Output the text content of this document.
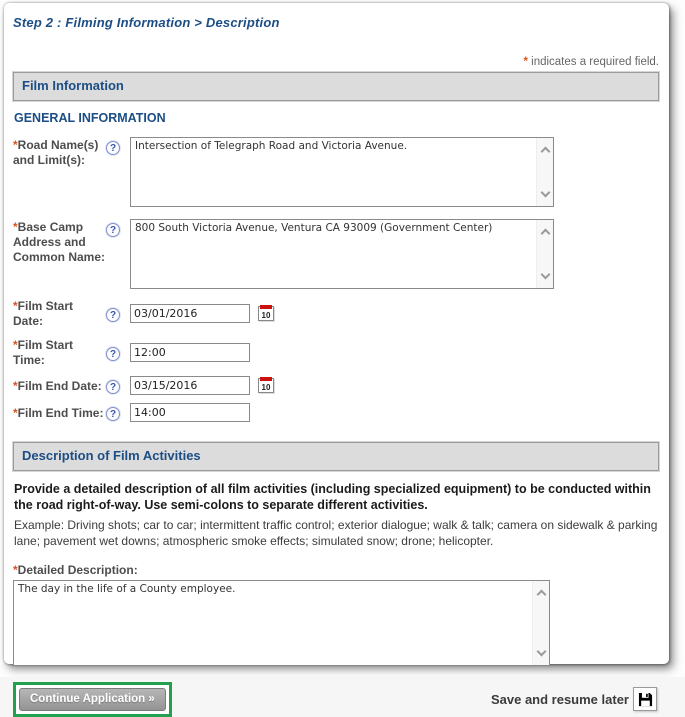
Step 2 : Filming Information > Description
* indicates a required field.
Film Information
GENERAL INFORMATION
*Road Name(s) and Limit(s):
?
Intersection of Telegraph Road and Victoria Avenue.
*Base Camp Address and Common Name:
?
800 South Victoria Avenue, Ventura CA 93009 (Government Center)
*Film Start Date:	?
03/01/2016	10
*Film Start Time:	?
12:00
*Film End Date: ?
03/15/2016	10
*Film End Time: ?
14:00
Description of Film Activities
Provide a detailed description of all film activities (including specialized equipment) to be conducted within the road right-of-way. Use semi-colons to separate different activities.
Example: Driving shots; car to car; intermittent traffic control; exterior dialogue; walk & talk; camera on sidewalk & parking lane; pavement wet downs; atmospheric smoke effects; simulated snow; drone; helicopter.
*Detailed Description:
The day in the life of a County employee.
Continue Application »	Save and resume later
